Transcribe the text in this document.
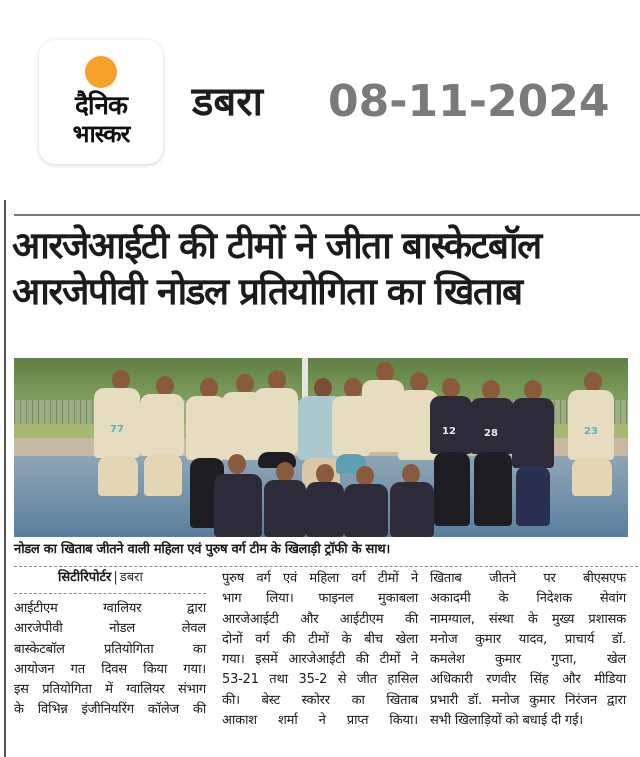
दैनिक
भास्कर
डबरा 08-11-2024
आरजेआईटी की टीमों ने जीता बास्केटबॉल
आरजेपीवी नोडल प्रतियोगिता का खिताब
77	12	28	23
नोडल का खिताब जीतने वाली महिला एवं पुरुष वर्ग टीम के खिलाड़ी ट्रॉफी के साथ।
सिटीरिपोर्टर | डबरा
आईटीएम ग्वालियर द्वारा
आरजेपीवी नोडल लेवल
बास्केटबॉल प्रतियोगिता का
आयोजन गत दिवस किया गया।
इस प्रतियोगिता में ग्वालियर संभाग
के विभिन्न इंजीनियरिंग कॉलेज की
पुरुष वर्ग एवं महिला वर्ग टीमों ने
भाग लिया। फाइनल मुकाबला
आरजेआईटी और आईटीएम की
दोनों वर्ग की टीमों के बीच खेला
गया। इसमें आरजेआईटी की टीमों ने
53-21 तथा 35-2 से जीत हासिल
की। बेस्ट स्कोरर का खिताब
आकाश शर्मा ने प्राप्त किया।
खिताब जीतने पर बीएसएफ
अकादमी के निदेशक सेवांग
नामग्याल, संस्था के मुख्य प्रशासक
मनोज कुमार यादव, प्राचार्य डॉ.
कमलेश कुमार गुप्ता, खेल
अधिकारी रणवीर सिंह और मीडिया
प्रभारी डॉ. मनोज कुमार निरंजन द्वारा
सभी खिलाड़ियों को बधाई दी गई।
